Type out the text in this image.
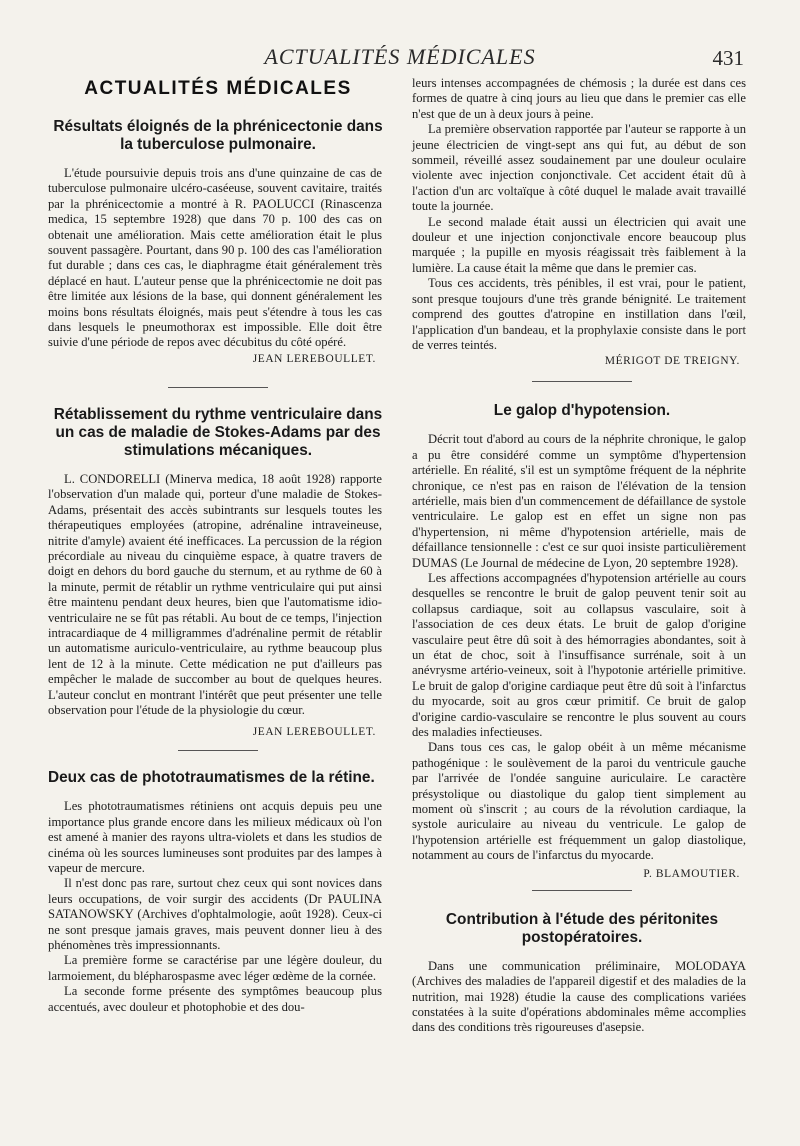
ACTUALITÉS MÉDICALES	431
ACTUALITÉS MÉDICALES
Résultats éloignés de la phrénicectonie dans la tuberculose pulmonaire.

L'étude poursuivie depuis trois ans d'une quinzaine de cas de tuberculose pulmonaire ulcéro-caséeuse, souvent cavitaire, traités par la phrénicectomie a montré à R. PAOLUCCI (Rinascenza medica, 15 septembre 1928) que dans 70 p. 100 des cas on obtenait une amélioration. Mais cette amélioration était le plus souvent passagère. Pourtant, dans 90 p. 100 des cas l'amélioration fut durable ; dans ces cas, le diaphragme était généralement très déplacé en haut. L'auteur pense que la phrénicectomie ne doit pas être limitée aux lésions de la base, qui donnent généralement les moins bons résultats éloignés, mais peut s'étendre à tous les cas dans lesquels le pneumothorax est impossible. Elle doit être suivie d'une période de repos avec décubitus du côté opéré.

JEAN LEREBOULLET.
Rétablissement du rythme ventriculaire dans un cas de maladie de Stokes-Adams par des stimulations mécaniques.

L. CONDORELLI (Minerva medica, 18 août 1928) rapporte l'observation d'un malade qui, porteur d'une maladie de Stokes-Adams, présentait des accès subintrants sur lesquels toutes les thérapeutiques employées (atropine, adrénaline intraveineuse, nitrite d'amyle) avaient été inefficaces. La percussion de la région précordiale au niveau du cinquième espace, à quatre travers de doigt en dehors du bord gauche du sternum, et au rythme de 60 à la minute, permit de rétablir un rythme ventriculaire qui put ainsi être maintenu pendant deux heures, bien que l'automatisme idio-ventriculaire ne se fût pas rétabli. Au bout de ce temps, l'injection intracardiaque de 4 milligrammes d'adrénaline permit de rétablir un automatisme auriculo-ventriculaire, au rythme beaucoup plus lent de 12 à la minute. Cette médication ne put d'ailleurs pas empêcher le malade de succomber au bout de quelques heures. L'auteur conclut en montrant l'intérêt que peut présenter une telle observation pour l'étude de la physiologie du cœur.

JEAN LEREBOULLET.
Deux cas de phototraumatismes de la rétine.

Les phototraumatismes rétiniens ont acquis depuis peu une importance plus grande encore dans les milieux médicaux où l'on est amené à manier des rayons ultra-violets et dans les studios de cinéma où les sources lumineuses sont produites par des lampes à vapeur de mercure.

Il n'est donc pas rare, surtout chez ceux qui sont novices dans leurs occupations, de voir surgir des accidents (Dr PAULINA SATANOWSKY (Archives d'ophtalmologie, août 1928). Ceux-ci ne sont presque jamais graves, mais peuvent donner lieu à des phénomènes très impressionnants.

La première forme se caractérise par une légère douleur, du larmoiement, du blépharospasme avec léger œdème de la cornée.

La seconde forme présente des symptômes beaucoup plus accentués, avec douleur et photophobie et des dou-

leurs intenses accompagnées de chémosis ; la durée est dans ces formes de quatre à cinq jours au lieu que dans le premier cas elle n'est que de un à deux jours à peine.

La première observation rapportée par l'auteur se rapporte à un jeune électricien de vingt-sept ans qui fut, au début de son sommeil, réveillé assez soudainement par une douleur oculaire violente avec injection conjonctivale. Cet accident était dû à l'action d'un arc voltaïque à côté duquel le malade avait travaillé toute la journée.

Le second malade était aussi un électricien qui avait une douleur et une injection conjonctivale encore beaucoup plus marquée ; la pupille en myosis réagissait très faiblement à la lumière. La cause était la même que dans le premier cas.

Tous ces accidents, très pénibles, il est vrai, pour le patient, sont presque toujours d'une très grande bénignité. Le traitement comprend des gouttes d'atropine en instillation dans l'œil, l'application d'un bandeau, et la prophylaxie consiste dans le port de verres teintés.

MÉRIGOT DE TREIGNY.
Le galop d'hypotension.

Décrit tout d'abord au cours de la néphrite chronique, le galop a pu être considéré comme un symptôme d'hypertension artérielle. En réalité, s'il est un symptôme fréquent de la néphrite chronique, ce n'est pas en raison de l'élévation de la tension artérielle, mais bien d'un commencement de défaillance de systole ventriculaire. Le galop est en effet un signe non pas d'hypertension, ni même d'hypotension artérielle, mais de défaillance tensionnelle : c'est ce sur quoi insiste particulièrement DUMAS (Le Journal de médecine de Lyon, 20 septembre 1928).

Les affections accompagnées d'hypotension artérielle au cours desquelles se rencontre le bruit de galop peuvent tenir soit au collapsus cardiaque, soit au collapsus vasculaire, soit à l'association de ces deux états. Le bruit de galop d'origine vasculaire peut être dû soit à des hémorragies abondantes, soit à un état de choc, soit à l'insuffisance surrénale, soit à un anévrysme artério-veineux, soit à l'hypotonie artérielle primitive. Le bruit de galop d'origine cardiaque peut être dû soit à l'infarctus du myocarde, soit au gros cœur primitif. Ce bruit de galop d'origine cardio-vasculaire se rencontre le plus souvent au cours des maladies infectieuses.

Dans tous ces cas, le galop obéit à un même mécanisme pathogénique : le soulèvement de la paroi du ventricule gauche par l'arrivée de l'ondée sanguine auriculaire. Le caractère présystolique ou diastolique du galop tient simplement au moment où s'inscrit ; au cours de la révolution cardiaque, la systole auriculaire au niveau du ventricule. Le galop de l'hypotension artérielle est fréquemment un galop diastolique, notamment au cours de l'infarctus du myocarde.

P. BLAMOUTIER.
Contribution à l'étude des péritonites postopératoires.

Dans une communication préliminaire, MOLODAYA (Archives des maladies de l'appareil digestif et des maladies de la nutrition, mai 1928) étudie la cause des complications variées constatées à la suite d'opérations abdominales même accomplies dans des conditions très rigoureuses d'asepsie.
